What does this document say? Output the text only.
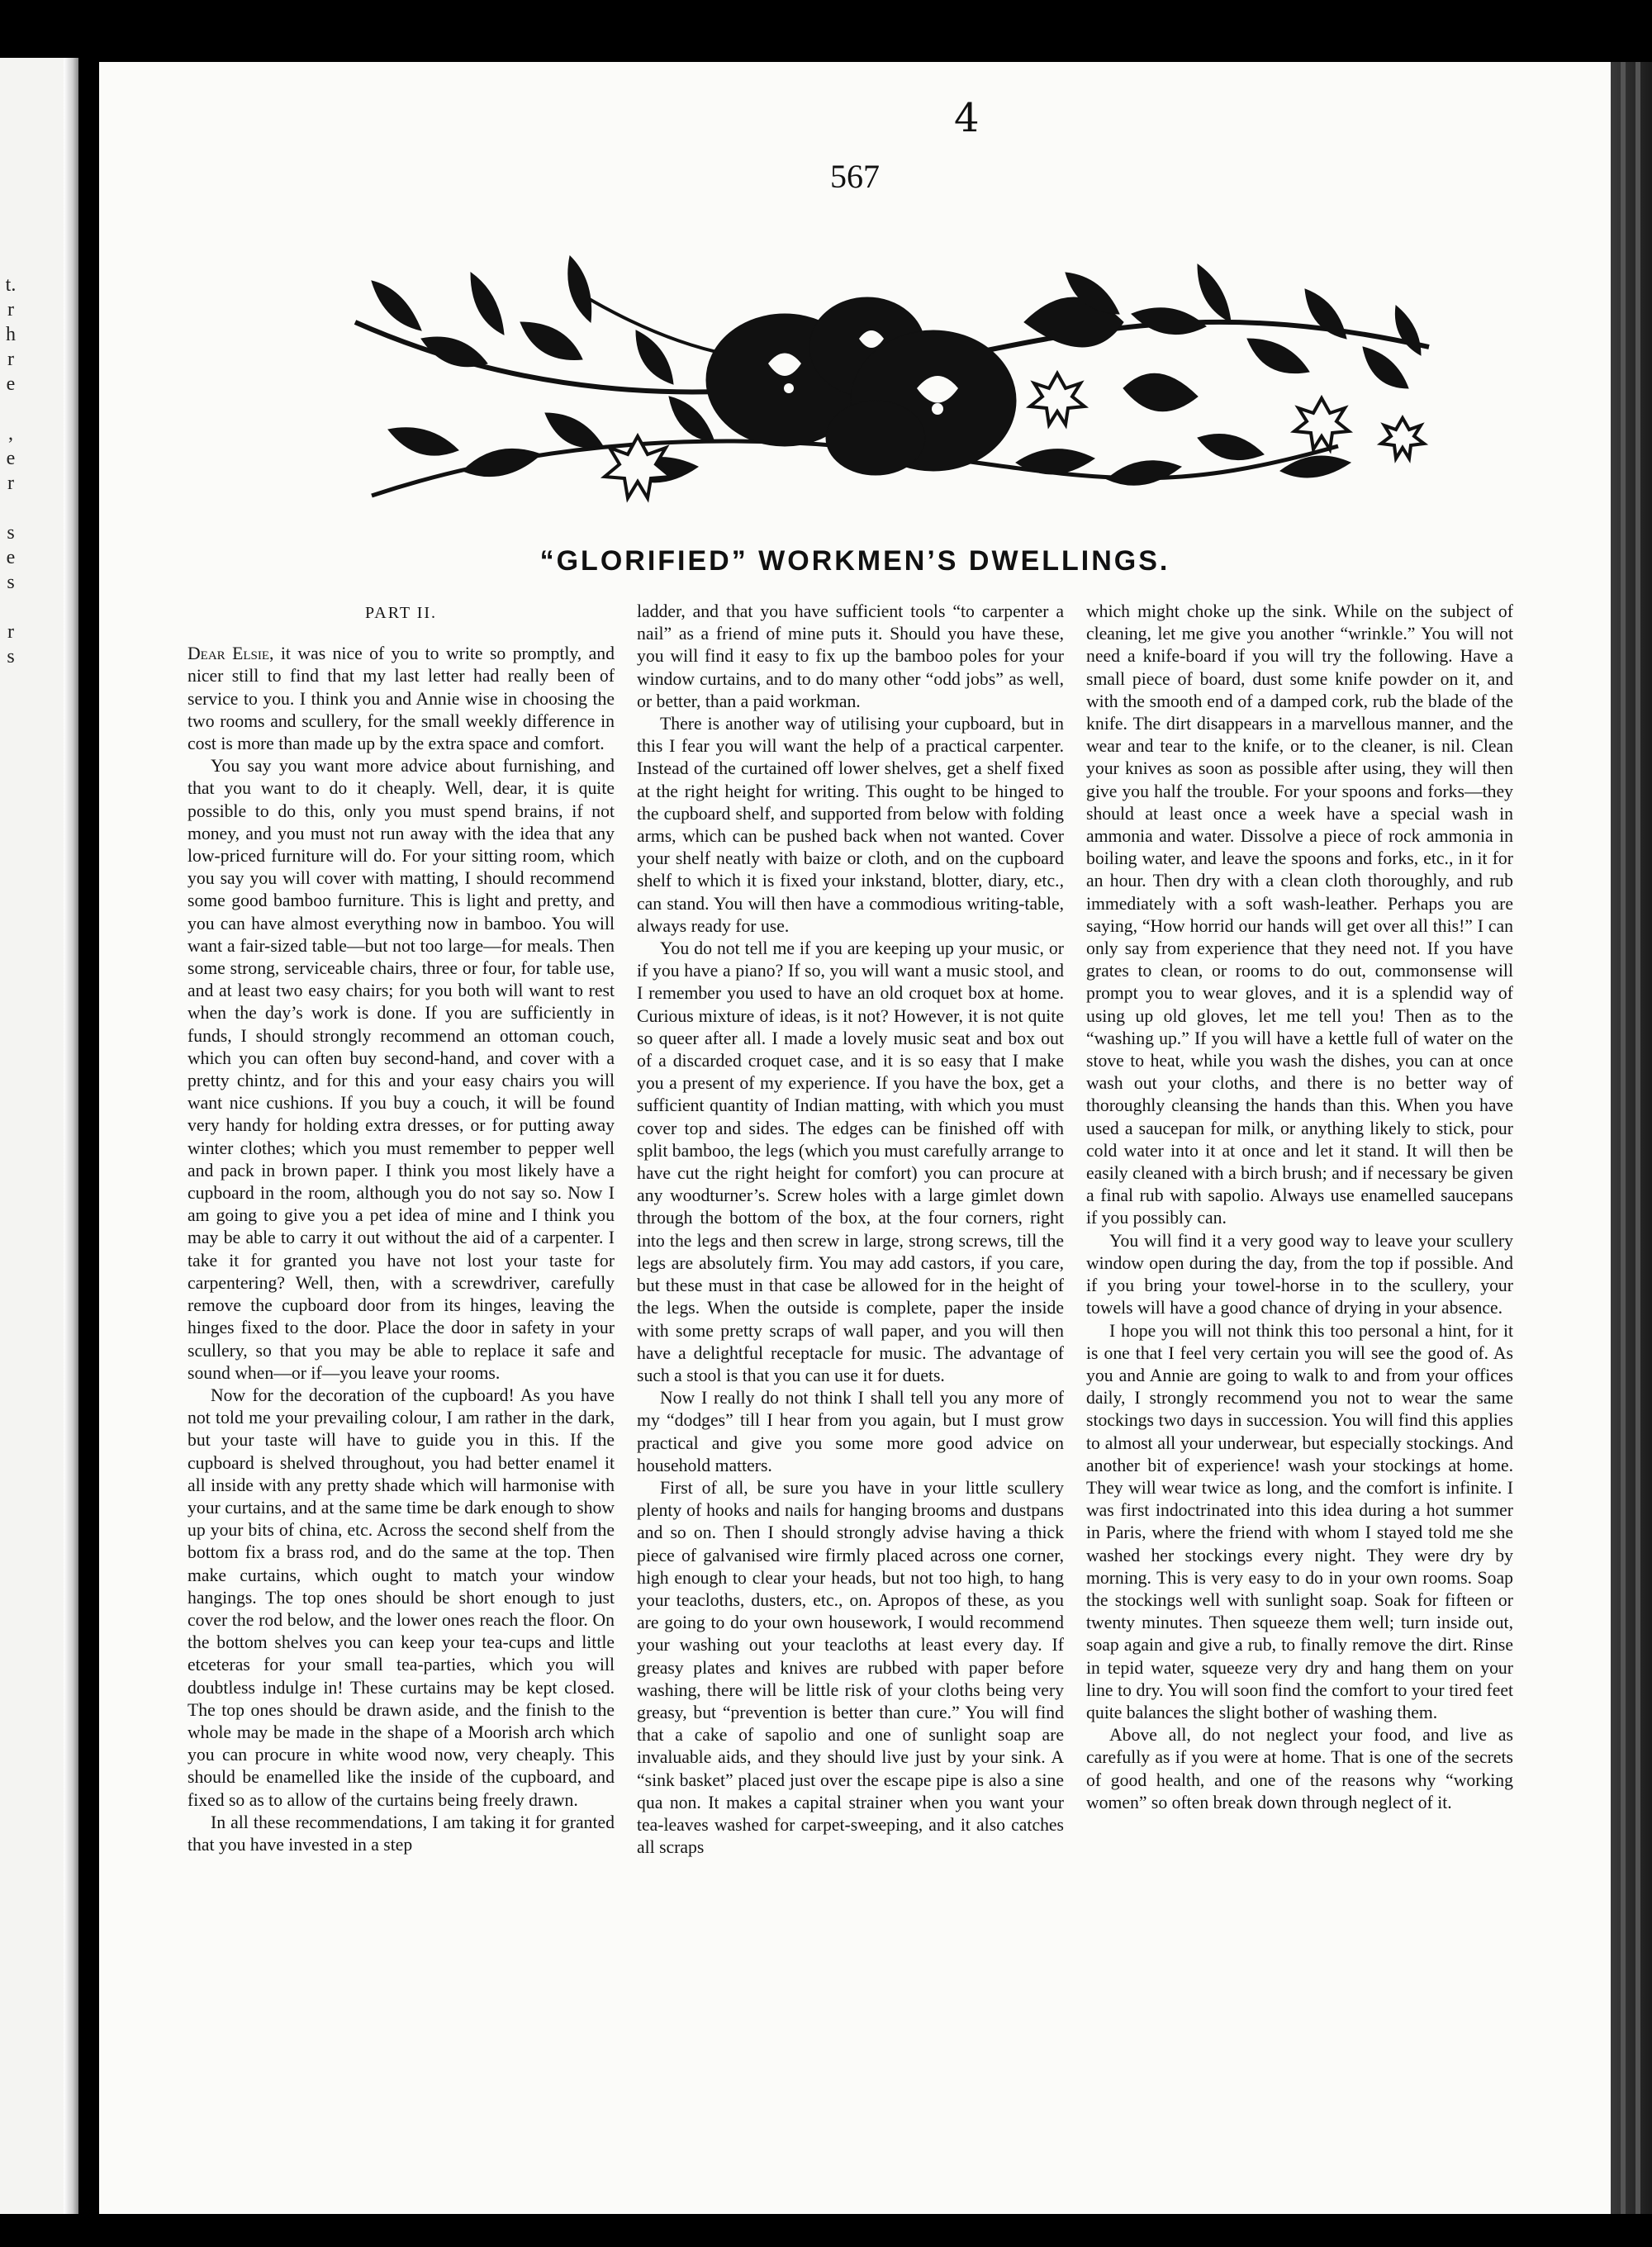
t.
r
h
r
e

,
e
r

s
e
s

r
s
4
567
“GLORIFIED” WORKMEN’S DWELLINGS.
PART II.

Dear Elsie, it was nice of you to write so promptly, and nicer still to find that my last letter had really been of service to you. I think you and Annie wise in choosing the two rooms and scullery, for the small weekly difference in cost is more than made up by the extra space and comfort.

You say you want more advice about furnishing, and that you want to do it cheaply. Well, dear, it is quite possible to do this, only you must spend brains, if not money, and you must not run away with the idea that any low-priced furniture will do. For your sitting room, which you say you will cover with matting, I should recommend some good bamboo furniture. This is light and pretty, and you can have almost everything now in bamboo. You will want a fair-sized table—but not too large—for meals. Then some strong, serviceable chairs, three or four, for table use, and at least two easy chairs; for you both will want to rest when the day’s work is done. If you are sufficiently in funds, I should strongly recommend an ottoman couch, which you can often buy second-hand, and cover with a pretty chintz, and for this and your easy chairs you will want nice cushions. If you buy a couch, it will be found very handy for holding extra dresses, or for putting away winter clothes; which you must remember to pepper well and pack in brown paper. I think you most likely have a cupboard in the room, although you do not say so. Now I am going to give you a pet idea of mine and I think you may be able to carry it out without the aid of a carpenter. I take it for granted you have not lost your taste for carpentering? Well, then, with a screwdriver, carefully remove the cupboard door from its hinges, leaving the hinges fixed to the door. Place the door in safety in your scullery, so that you may be able to replace it safe and sound when—or if—you leave your rooms.

Now for the decoration of the cupboard! As you have not told me your prevailing colour, I am rather in the dark, but your taste will have to guide you in this. If the cupboard is shelved throughout, you had better enamel it all inside with any pretty shade which will harmonise with your curtains, and at the same time be dark enough to show up your bits of china, etc. Across the second shelf from the bottom fix a brass rod, and do the same at the top. Then make curtains, which ought to match your window hangings. The top ones should be short enough to just cover the rod below, and the lower ones reach the floor. On the bottom shelves you can keep your tea-cups and little etceteras for your small tea-parties, which you will doubtless indulge in! These curtains may be kept closed. The top ones should be drawn aside, and the finish to the whole may be made in the shape of a Moorish arch which you can procure in white wood now, very cheaply. This should be enamelled like the inside of the cupboard, and fixed so as to allow of the curtains being freely drawn.

In all these recommendations, I am taking it for granted that you have invested in a step

ladder, and that you have sufficient tools “to carpenter a nail” as a friend of mine puts it. Should you have these, you will find it easy to fix up the bamboo poles for your window curtains, and to do many other “odd jobs” as well, or better, than a paid workman.

There is another way of utilising your cupboard, but in this I fear you will want the help of a practical carpenter. Instead of the curtained off lower shelves, get a shelf fixed at the right height for writing. This ought to be hinged to the cupboard shelf, and supported from below with folding arms, which can be pushed back when not wanted. Cover your shelf neatly with baize or cloth, and on the cupboard shelf to which it is fixed your inkstand, blotter, diary, etc., can stand. You will then have a commodious writing-table, always ready for use.

You do not tell me if you are keeping up your music, or if you have a piano? If so, you will want a music stool, and I remember you used to have an old croquet box at home. Curious mixture of ideas, is it not? However, it is not quite so queer after all. I made a lovely music seat and box out of a discarded croquet case, and it is so easy that I make you a present of my experience. If you have the box, get a sufficient quantity of Indian matting, with which you must cover top and sides. The edges can be finished off with split bamboo, the legs (which you must carefully arrange to have cut the right height for comfort) you can procure at any woodturner’s. Screw holes with a large gimlet down through the bottom of the box, at the four corners, right into the legs and then screw in large, strong screws, till the legs are absolutely firm. You may add castors, if you care, but these must in that case be allowed for in the height of the legs. When the outside is complete, paper the inside with some pretty scraps of wall paper, and you will then have a delightful receptacle for music. The advantage of such a stool is that you can use it for duets.

Now I really do not think I shall tell you any more of my “dodges” till I hear from you again, but I must grow practical and give you some more good advice on household matters.

First of all, be sure you have in your little scullery plenty of hooks and nails for hanging brooms and dustpans and so on. Then I should strongly advise having a thick piece of galvanised wire firmly placed across one corner, high enough to clear your heads, but not too high, to hang your teacloths, dusters, etc., on. Apropos of these, as you are going to do your own housework, I would recommend your washing out your teacloths at least every day. If greasy plates and knives are rubbed with paper before washing, there will be little risk of your cloths being very greasy, but “prevention is better than cure.” You will find that a cake of sapolio and one of sunlight soap are invaluable aids, and they should live just by your sink. A “sink basket” placed just over the escape pipe is also a sine qua non. It makes a capital strainer when you want your tea-leaves washed for carpet-sweeping, and it also catches all scraps

which might choke up the sink. While on the subject of cleaning, let me give you another “wrinkle.” You will not need a knife-board if you will try the following. Have a small piece of board, dust some knife powder on it, and with the smooth end of a damped cork, rub the blade of the knife. The dirt disappears in a marvellous manner, and the wear and tear to the knife, or to the cleaner, is nil. Clean your knives as soon as possible after using, they will then give you half the trouble. For your spoons and forks—they should at least once a week have a special wash in ammonia and water. Dissolve a piece of rock ammonia in boiling water, and leave the spoons and forks, etc., in it for an hour. Then dry with a clean cloth thoroughly, and rub immediately with a soft wash-leather. Perhaps you are saying, “How horrid our hands will get over all this!” I can only say from experience that they need not. If you have grates to clean, or rooms to do out, commonsense will prompt you to wear gloves, and it is a splendid way of using up old gloves, let me tell you! Then as to the “washing up.” If you will have a kettle full of water on the stove to heat, while you wash the dishes, you can at once wash out your cloths, and there is no better way of thoroughly cleansing the hands than this. When you have used a saucepan for milk, or anything likely to stick, pour cold water into it at once and let it stand. It will then be easily cleaned with a birch brush; and if necessary be given a final rub with sapolio. Always use enamelled saucepans if you possibly can.

You will find it a very good way to leave your scullery window open during the day, from the top if possible. And if you bring your towel-horse in to the scullery, your towels will have a good chance of drying in your absence.

I hope you will not think this too personal a hint, for it is one that I feel very certain you will see the good of. As you and Annie are going to walk to and from your offices daily, I strongly recommend you not to wear the same stockings two days in succession. You will find this applies to almost all your underwear, but especially stockings. And another bit of experience! wash your stockings at home. They will wear twice as long, and the comfort is infinite. I was first indoctrinated into this idea during a hot summer in Paris, where the friend with whom I stayed told me she washed her stockings every night. They were dry by morning. This is very easy to do in your own rooms. Soap the stockings well with sunlight soap. Soak for fifteen or twenty minutes. Then squeeze them well; turn inside out, soap again and give a rub, to finally remove the dirt. Rinse in tepid water, squeeze very dry and hang them on your line to dry. You will soon find the comfort to your tired feet quite balances the slight bother of washing them.

Above all, do not neglect your food, and live as carefully as if you were at home. That is one of the secrets of good health, and one of the reasons why “working women” so often break down through neglect of it.
